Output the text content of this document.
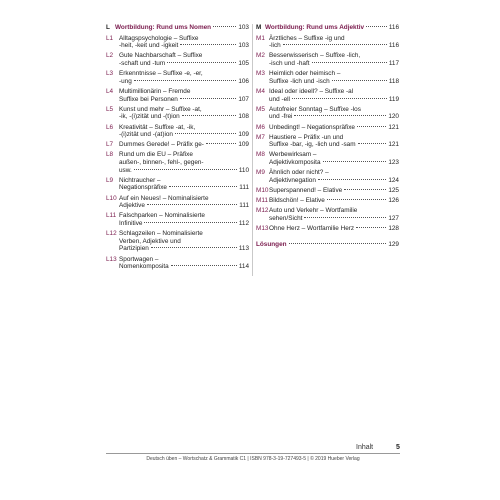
L Wortbildung: Rund ums Nomen	103
L1 Alltagspsychologie – Suffixe
-heit, -keit und -igkeit	103
L2 Gute Nachbarschaft – Suffixe
-schaft und -tum	105
L3 Erkenntnisse – Suffixe -e, -er,
-ung	106
L4 Multimillionärin – Fremde
Suffixe bei Personen	107
L5 Kunst und mehr – Suffixe -at,
-ik, -(i)zität und -(t)ion	108
L6 Kreativität – Suffixe -at, -ik,
-(i)zität und -(at)ion	109
L7 Dummes Gerede! – Präfix ge-	109
L8 Rund um die EU – Präfixe
außen-, binnen-, fehl-, gegen-
usw.	110
L9 Nichtraucher –
Negationspräfixe	111
L10 Auf ein Neues! – Nominalisierte
Adjektive	111
L11 Falschparken – Nominalisierte
Infinitive	112
L12 Schlagzeilen – Nominalisierte
Verben, Adjektive und
Partizipien	113
L13 Sportwagen –
Nomenkomposita	114
M Wortbildung: Rund ums Adjektiv	116
M1 Ärztliches – Suffixe -ig und
-lich	116
M2 Besserwisserisch – Suffixe -lich,
-isch und -haft	117
M3 Heimlich oder heimisch –
Suffixe -lich und -isch	118
M4 Ideal oder ideell? – Suffixe -al
und -ell	119
M5 Autofreier Sonntag – Suffixe -los
und -frei	120
M6 Unbedingt! – Negationspräfixe	121
M7 Haustiere – Präfix -un und
Suffixe -bar, -ig, -lich und -sam	121
M8 Werbewirksam –
Adjektivkomposita	123
M9 Ähnlich oder nicht? –
Adjektivnegation	124
M10 Superspannend! – Elative	125
M11 Bildschön! – Elative	126
M12 Auto und Verkehr – Wortfamilie
sehen/Sicht	127
M13 Ohne Herz – Wortfamilie Herz	128
Lösungen	129
Inhalt	5
Deutsch üben – Wortschatz & Grammatik C1 | ISBN 978-3-19-727493-5 | © 2019 Hueber Verlag
